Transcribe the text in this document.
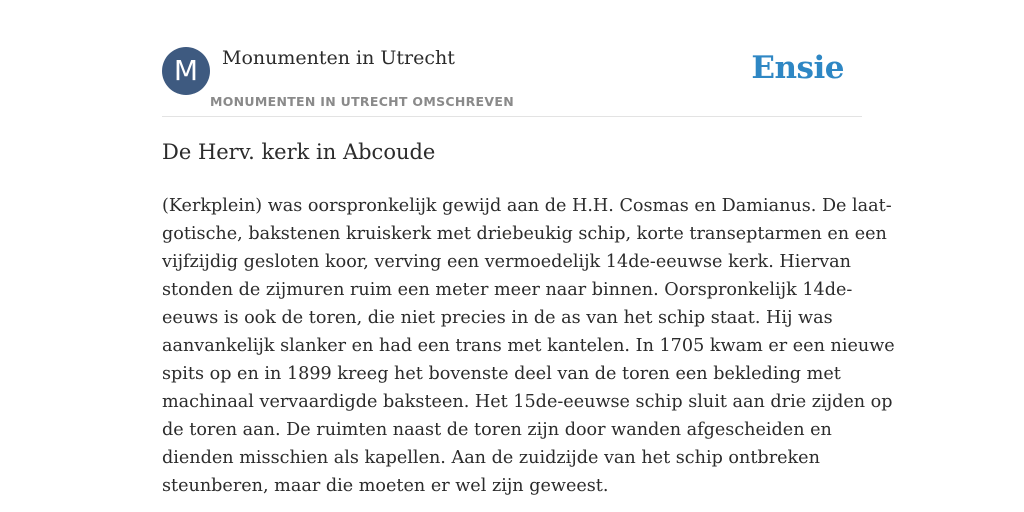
M	Monumenten in Utrecht
MONUMENTEN IN UTRECHT OMSCHREVEN
Ensie
De Herv. kerk in Abcoude

(Kerkplein) was oorspronkelijk gewijd aan de H.H. Cosmas en Damianus. De laat-
gotische, bakstenen kruiskerk met driebeukig schip, korte transeptarmen en een
vijfzijdig gesloten koor, verving een vermoedelijk 14de-eeuwse kerk. Hiervan
stonden de zijmuren ruim een meter meer naar binnen. Oorspronkelijk 14de-
eeuws is ook de toren, die niet precies in de as van het schip staat. Hij was
aanvankelijk slanker en had een trans met kantelen. In 1705 kwam er een nieuwe
spits op en in 1899 kreeg het bovenste deel van de toren een bekleding met
machinaal vervaardigde baksteen. Het 15de-eeuwse schip sluit aan drie zijden op
de toren aan. De ruimten naast de toren zijn door wanden afgescheiden en
dienden misschien als kapellen. Aan de zuidzijde van het schip ontbreken
steunberen, maar die moeten er wel zijn geweest.
